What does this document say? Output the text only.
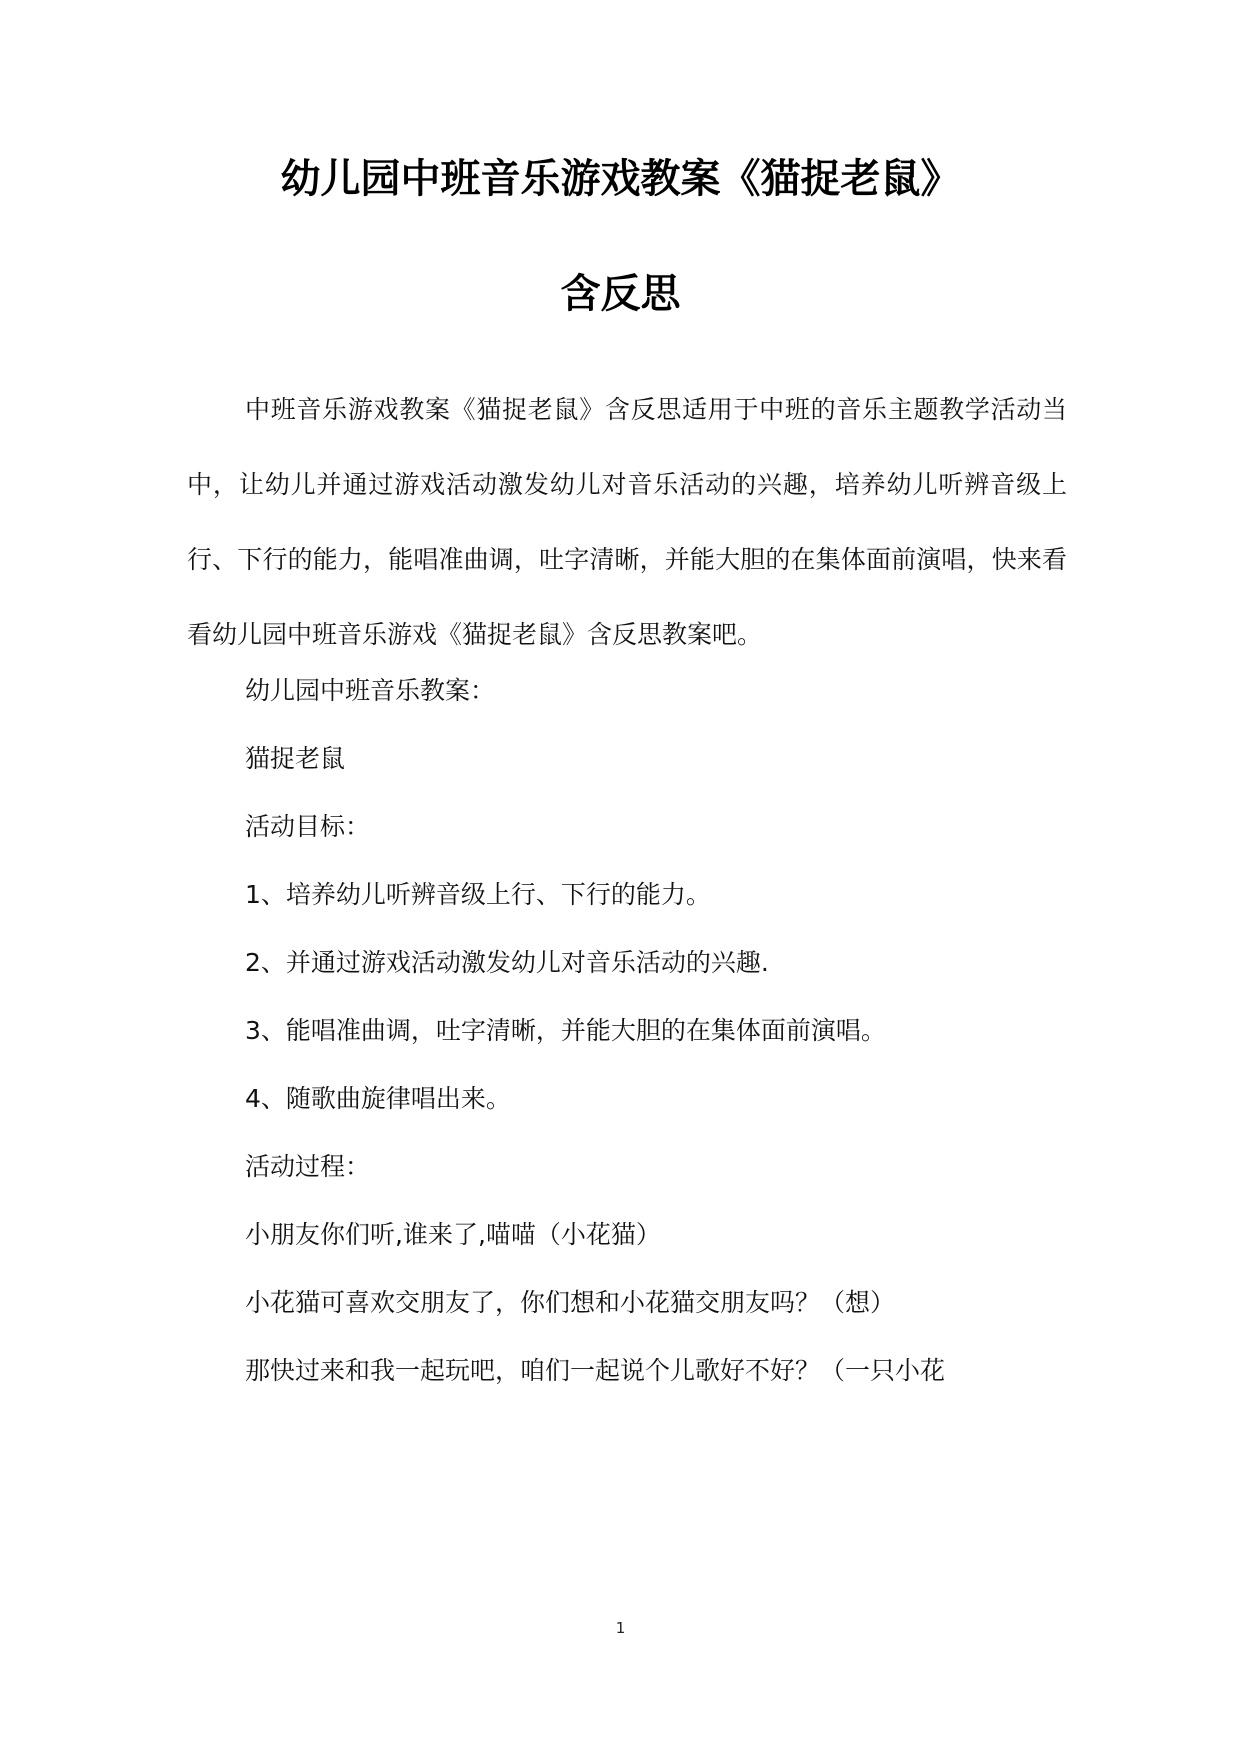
幼儿园中班音乐游戏教案《猫捉老鼠》
含反思

中班音乐游戏教案《猫捉老鼠》含反思适用于中班的音乐主题教学活动当中，让幼儿并通过游戏活动激发幼儿对音乐活动的兴趣，培养幼儿听辨音级上行、下行的能力，能唱准曲调，吐字清晰，并能大胆的在集体面前演唱，快来看看幼儿园中班音乐游戏《猫捉老鼠》含反思教案吧。

幼儿园中班音乐教案：

猫捉老鼠

活动目标：

1、培养幼儿听辨音级上行、下行的能力。

2、并通过游戏活动激发幼儿对音乐活动的兴趣.

3、能唱准曲调，吐字清晰，并能大胆的在集体面前演唱。

4、随歌曲旋律唱出来。

活动过程：

小朋友你们听,谁来了,喵喵（小花猫）

小花猫可喜欢交朋友了，你们想和小花猫交朋友吗？（想）

那快过来和我一起玩吧，咱们一起说个儿歌好不好？（一只小花

1
